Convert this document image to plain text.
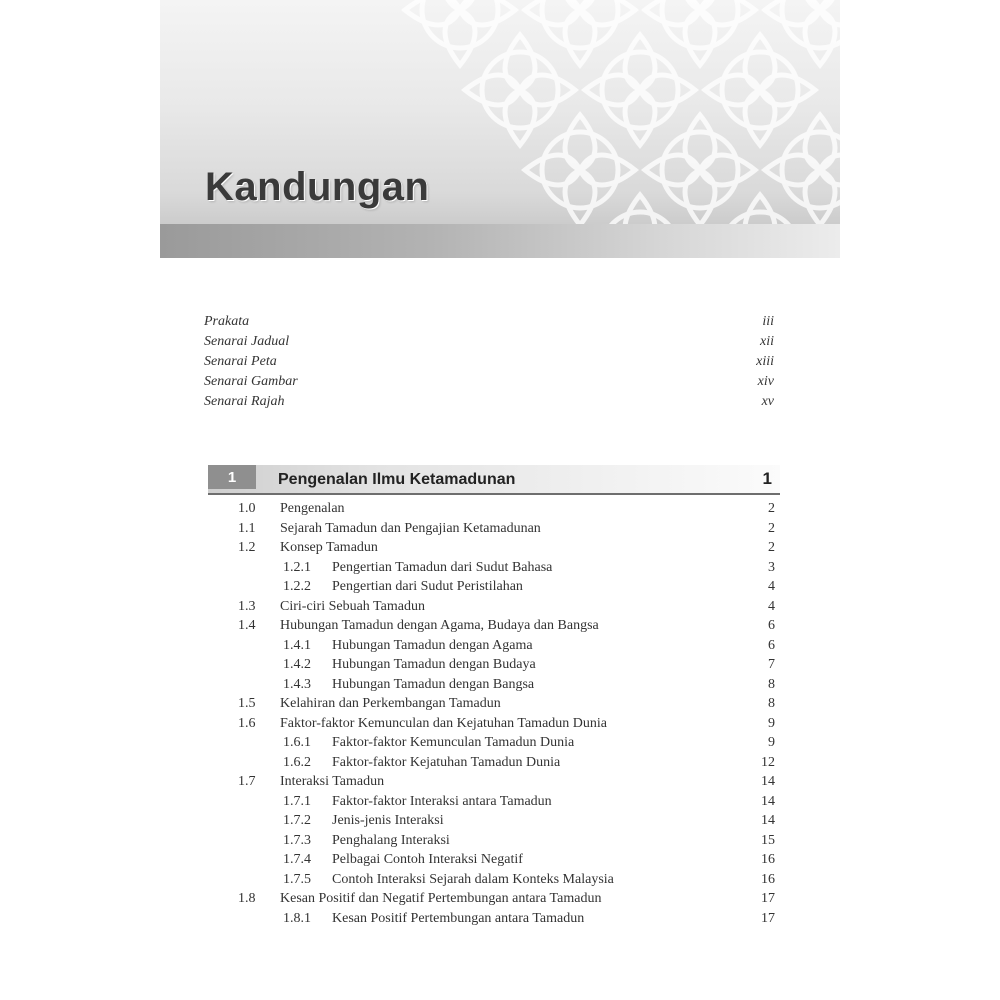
Kandungan
Prakata	iii
Senarai Jadual	xii
Senarai Peta	xiii
Senarai Gambar	xiv
Senarai Rajah	xv
1	Pengenalan Ilmu Ketamadunan	1
1.0 Pengenalan	2
1.1 Sejarah Tamadun dan Pengajian Ketamadunan	2
1.2 Konsep Tamadun	2
1.2.1 Pengertian Tamadun dari Sudut Bahasa	3
1.2.2 Pengertian dari Sudut Peristilahan	4
1.3 Ciri-ciri Sebuah Tamadun	4
1.4 Hubungan Tamadun dengan Agama, Budaya dan Bangsa	6
1.4.1 Hubungan Tamadun dengan Agama	6
1.4.2 Hubungan Tamadun dengan Budaya	7
1.4.3 Hubungan Tamadun dengan Bangsa	8
1.5 Kelahiran dan Perkembangan Tamadun	8
1.6 Faktor-faktor Kemunculan dan Kejatuhan Tamadun Dunia	9
1.6.1 Faktor-faktor Kemunculan Tamadun Dunia	9
1.6.2 Faktor-faktor Kejatuhan Tamadun Dunia	12
1.7 Interaksi Tamadun	14
1.7.1 Faktor-faktor Interaksi antara Tamadun	14
1.7.2 Jenis-jenis Interaksi	14
1.7.3 Penghalang Interaksi	15
1.7.4 Pelbagai Contoh Interaksi Negatif	16
1.7.5 Contoh Interaksi Sejarah dalam Konteks Malaysia	16
1.8 Kesan Positif dan Negatif Pertembungan antara Tamadun	17
1.8.1 Kesan Positif Pertembungan antara Tamadun	17
